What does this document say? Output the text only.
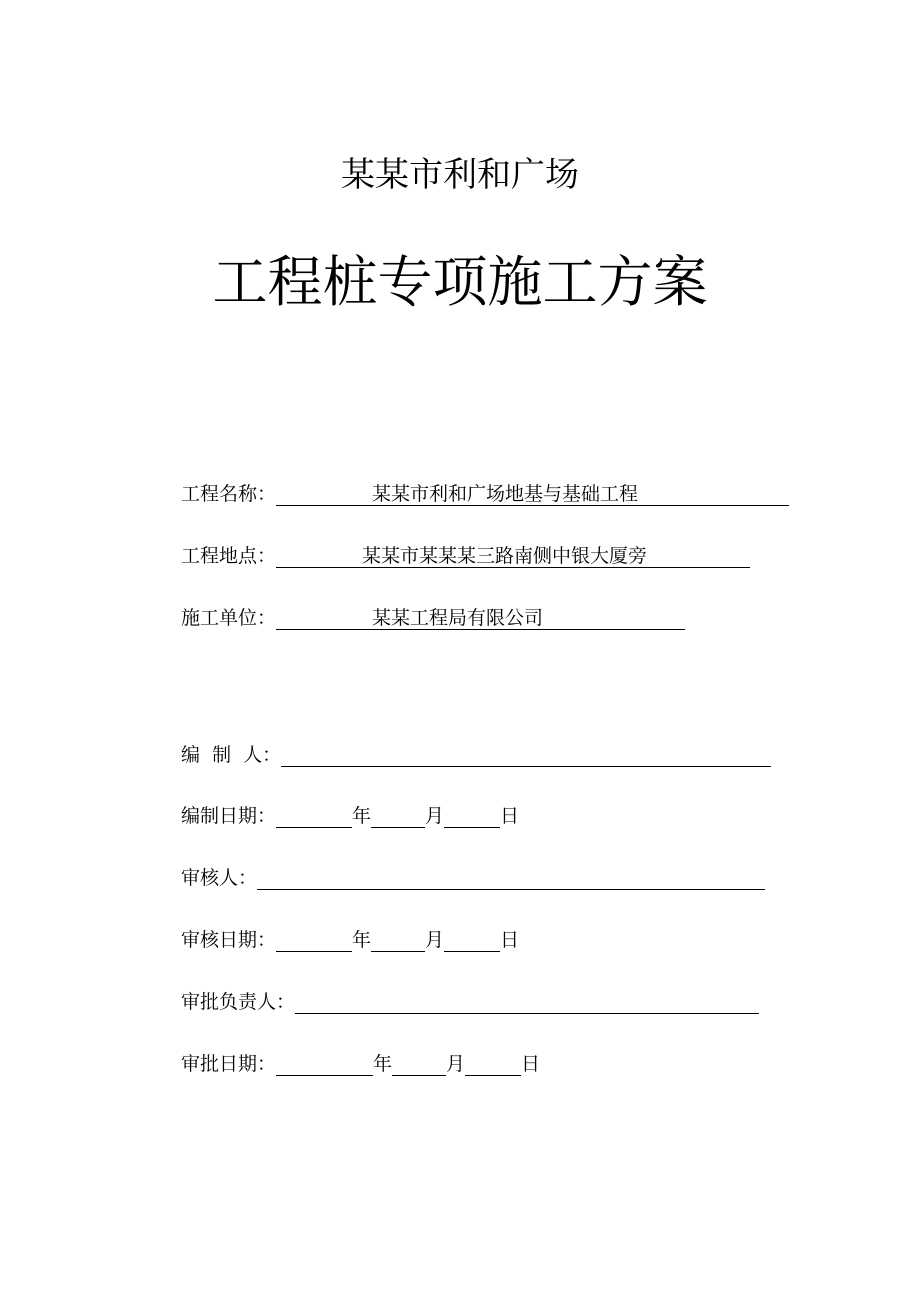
某某市利和广场
工程桩专项施工方案
工程名称：	某某市利和广场地基与基础工程
工程地点：	某某市某某某三路南侧中银大厦旁
施工单位：	某某工程局有限公司
编  制  人：
编制日期：	年	月	日
审核人：
审核日期：	年	月	日
审批负责人：
审批日期：	年	月	日
